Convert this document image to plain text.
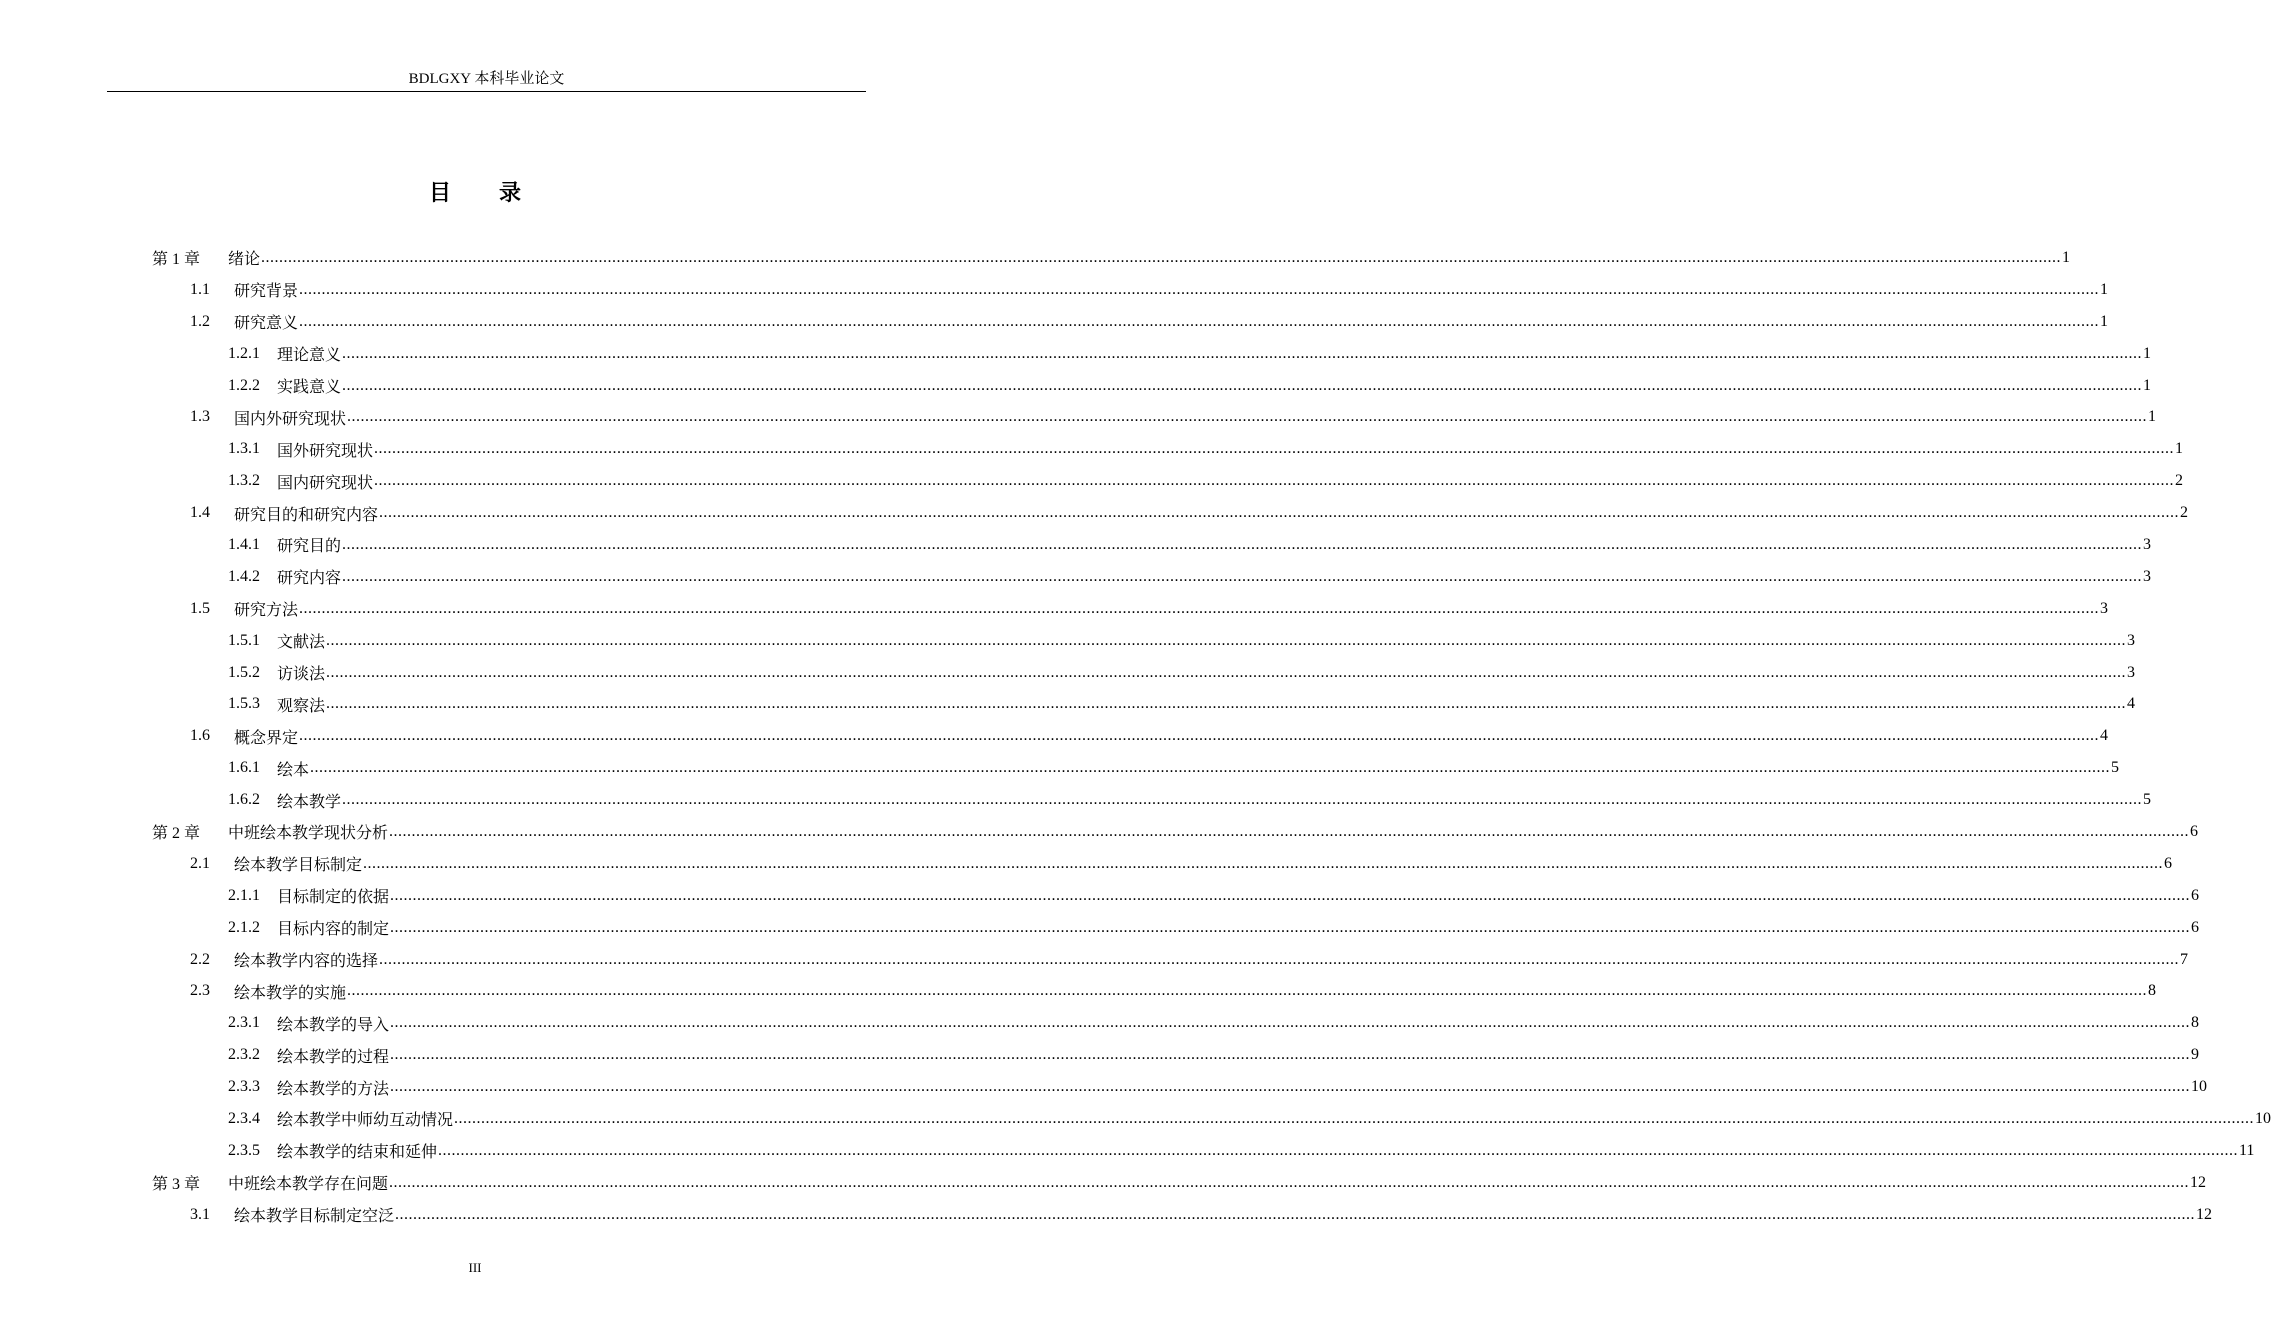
BDLGXY 本科毕业论文
目录
第 1 章	绪论 ................................................................................................................................................................................................................................................................................................................................................................................................................ 1
1.1	研究背景 ................................................................................................................................................................................................................................................................................................................................................................................................................ 1
1.2	研究意义 ................................................................................................................................................................................................................................................................................................................................................................................................................ 1
1.2.1	理论意义 ................................................................................................................................................................................................................................................................................................................................................................................................................ 1
1.2.2	实践意义 ................................................................................................................................................................................................................................................................................................................................................................................................................ 1
1.3	国内外研究现状 ................................................................................................................................................................................................................................................................................................................................................................................................................ 1
1.3.1	国外研究现状 ................................................................................................................................................................................................................................................................................................................................................................................................................ 1
1.3.2	国内研究现状 ................................................................................................................................................................................................................................................................................................................................................................................................................ 2
1.4	研究目的和研究内容 ................................................................................................................................................................................................................................................................................................................................................................................................................ 2
1.4.1	研究目的 ................................................................................................................................................................................................................................................................................................................................................................................................................ 3
1.4.2	研究内容 ................................................................................................................................................................................................................................................................................................................................................................................................................ 3
1.5	研究方法 ................................................................................................................................................................................................................................................................................................................................................................................................................ 3
1.5.1	文献法 ................................................................................................................................................................................................................................................................................................................................................................................................................ 3
1.5.2	访谈法 ................................................................................................................................................................................................................................................................................................................................................................................................................ 3
1.5.3	观察法 ................................................................................................................................................................................................................................................................................................................................................................................................................ 4
1.6	概念界定 ................................................................................................................................................................................................................................................................................................................................................................................................................ 4
1.6.1	绘本 ................................................................................................................................................................................................................................................................................................................................................................................................................ 5
1.6.2	绘本教学 ................................................................................................................................................................................................................................................................................................................................................................................................................ 5
第 2 章	中班绘本教学现状分析 ................................................................................................................................................................................................................................................................................................................................................................................................................ 6
2.1	绘本教学目标制定 ................................................................................................................................................................................................................................................................................................................................................................................................................ 6
2.1.1	目标制定的依据 ................................................................................................................................................................................................................................................................................................................................................................................................................ 6
2.1.2	目标内容的制定 ................................................................................................................................................................................................................................................................................................................................................................................................................ 6
2.2	绘本教学内容的选择 ................................................................................................................................................................................................................................................................................................................................................................................................................ 7
2.3	绘本教学的实施 ................................................................................................................................................................................................................................................................................................................................................................................................................ 8
2.3.1	绘本教学的导入 ................................................................................................................................................................................................................................................................................................................................................................................................................ 8
2.3.2	绘本教学的过程 ................................................................................................................................................................................................................................................................................................................................................................................................................ 9
2.3.3	绘本教学的方法 ................................................................................................................................................................................................................................................................................................................................................................................................................ 10
2.3.4	绘本教学中师幼互动情况 ................................................................................................................................................................................................................................................................................................................................................................................................................ 10
2.3.5	绘本教学的结束和延伸 ................................................................................................................................................................................................................................................................................................................................................................................................................ 11
第 3 章	中班绘本教学存在问题 ................................................................................................................................................................................................................................................................................................................................................................................................................ 12
3.1	绘本教学目标制定空泛 ................................................................................................................................................................................................................................................................................................................................................................................................................ 12
III
